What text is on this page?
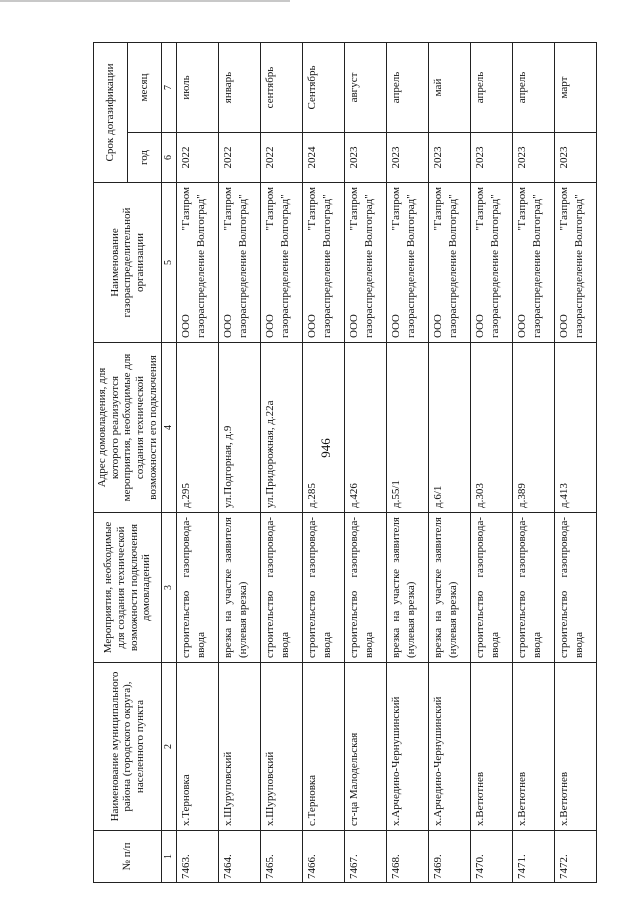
946
№ п/п	Наименование муниципального района (городского округа), населенного пункта	Мероприятия, необходимые для создания технической возможности подключения домовладений	Адрес домовладения, для которого реализуются мероприятия, необходимые для создания технической возможности его подключения	Наименование газораспределительной организации	Срок догазификации	
					год	месяц
1	2	3	4	5	6	7
7463.	х.Терновка	строительство газопровода-ввода	д.295	ООО "Газпром газораспределение Волгоград"	2022	июль
7464.	х.Шуруповский	врезка на участке заявителя (нулевая врезка)	ул.Подгорная, д.9	ООО "Газпром газораспределение Волгоград"	2022	январь
7465.	х.Шуруповский	строительство газопровода-ввода	ул.Придорожная, д.22а	ООО "Газпром газораспределение Волгоград"	2022	сентябрь
7466.	с.Терновка	строительство газопровода-ввода	д.285	ООО "Газпром газораспределение Волгоград"	2024	Сентябрь
7467.	ст-ца Малодельская	строительство газопровода-ввода	д.426	ООО "Газпром газораспределение Волгоград"	2023	август
7468.	х.Арчедино-Чернушинский	врезка на участке заявителя (нулевая врезка)	д.55/1	ООО "Газпром газораспределение Волгоград"	2023	апрель
7469.	х.Арчедино-Чернушинский	врезка на участке заявителя (нулевая врезка)	д.6/1	ООО "Газпром газораспределение Волгоград"	2023	май
7470.	х.Ветютнев	строительство газопровода-ввода	д.303	ООО "Газпром газораспределение Волгоград"	2023	апрель
7471.	х.Ветютнев	строительство газопровода-ввода	д.389	ООО "Газпром газораспределение Волгоград"	2023	апрель
7472.	х.Ветютнев	строительство газопровода-ввода	д.413	ООО "Газпром газораспределение Волгоград"	2023	март
